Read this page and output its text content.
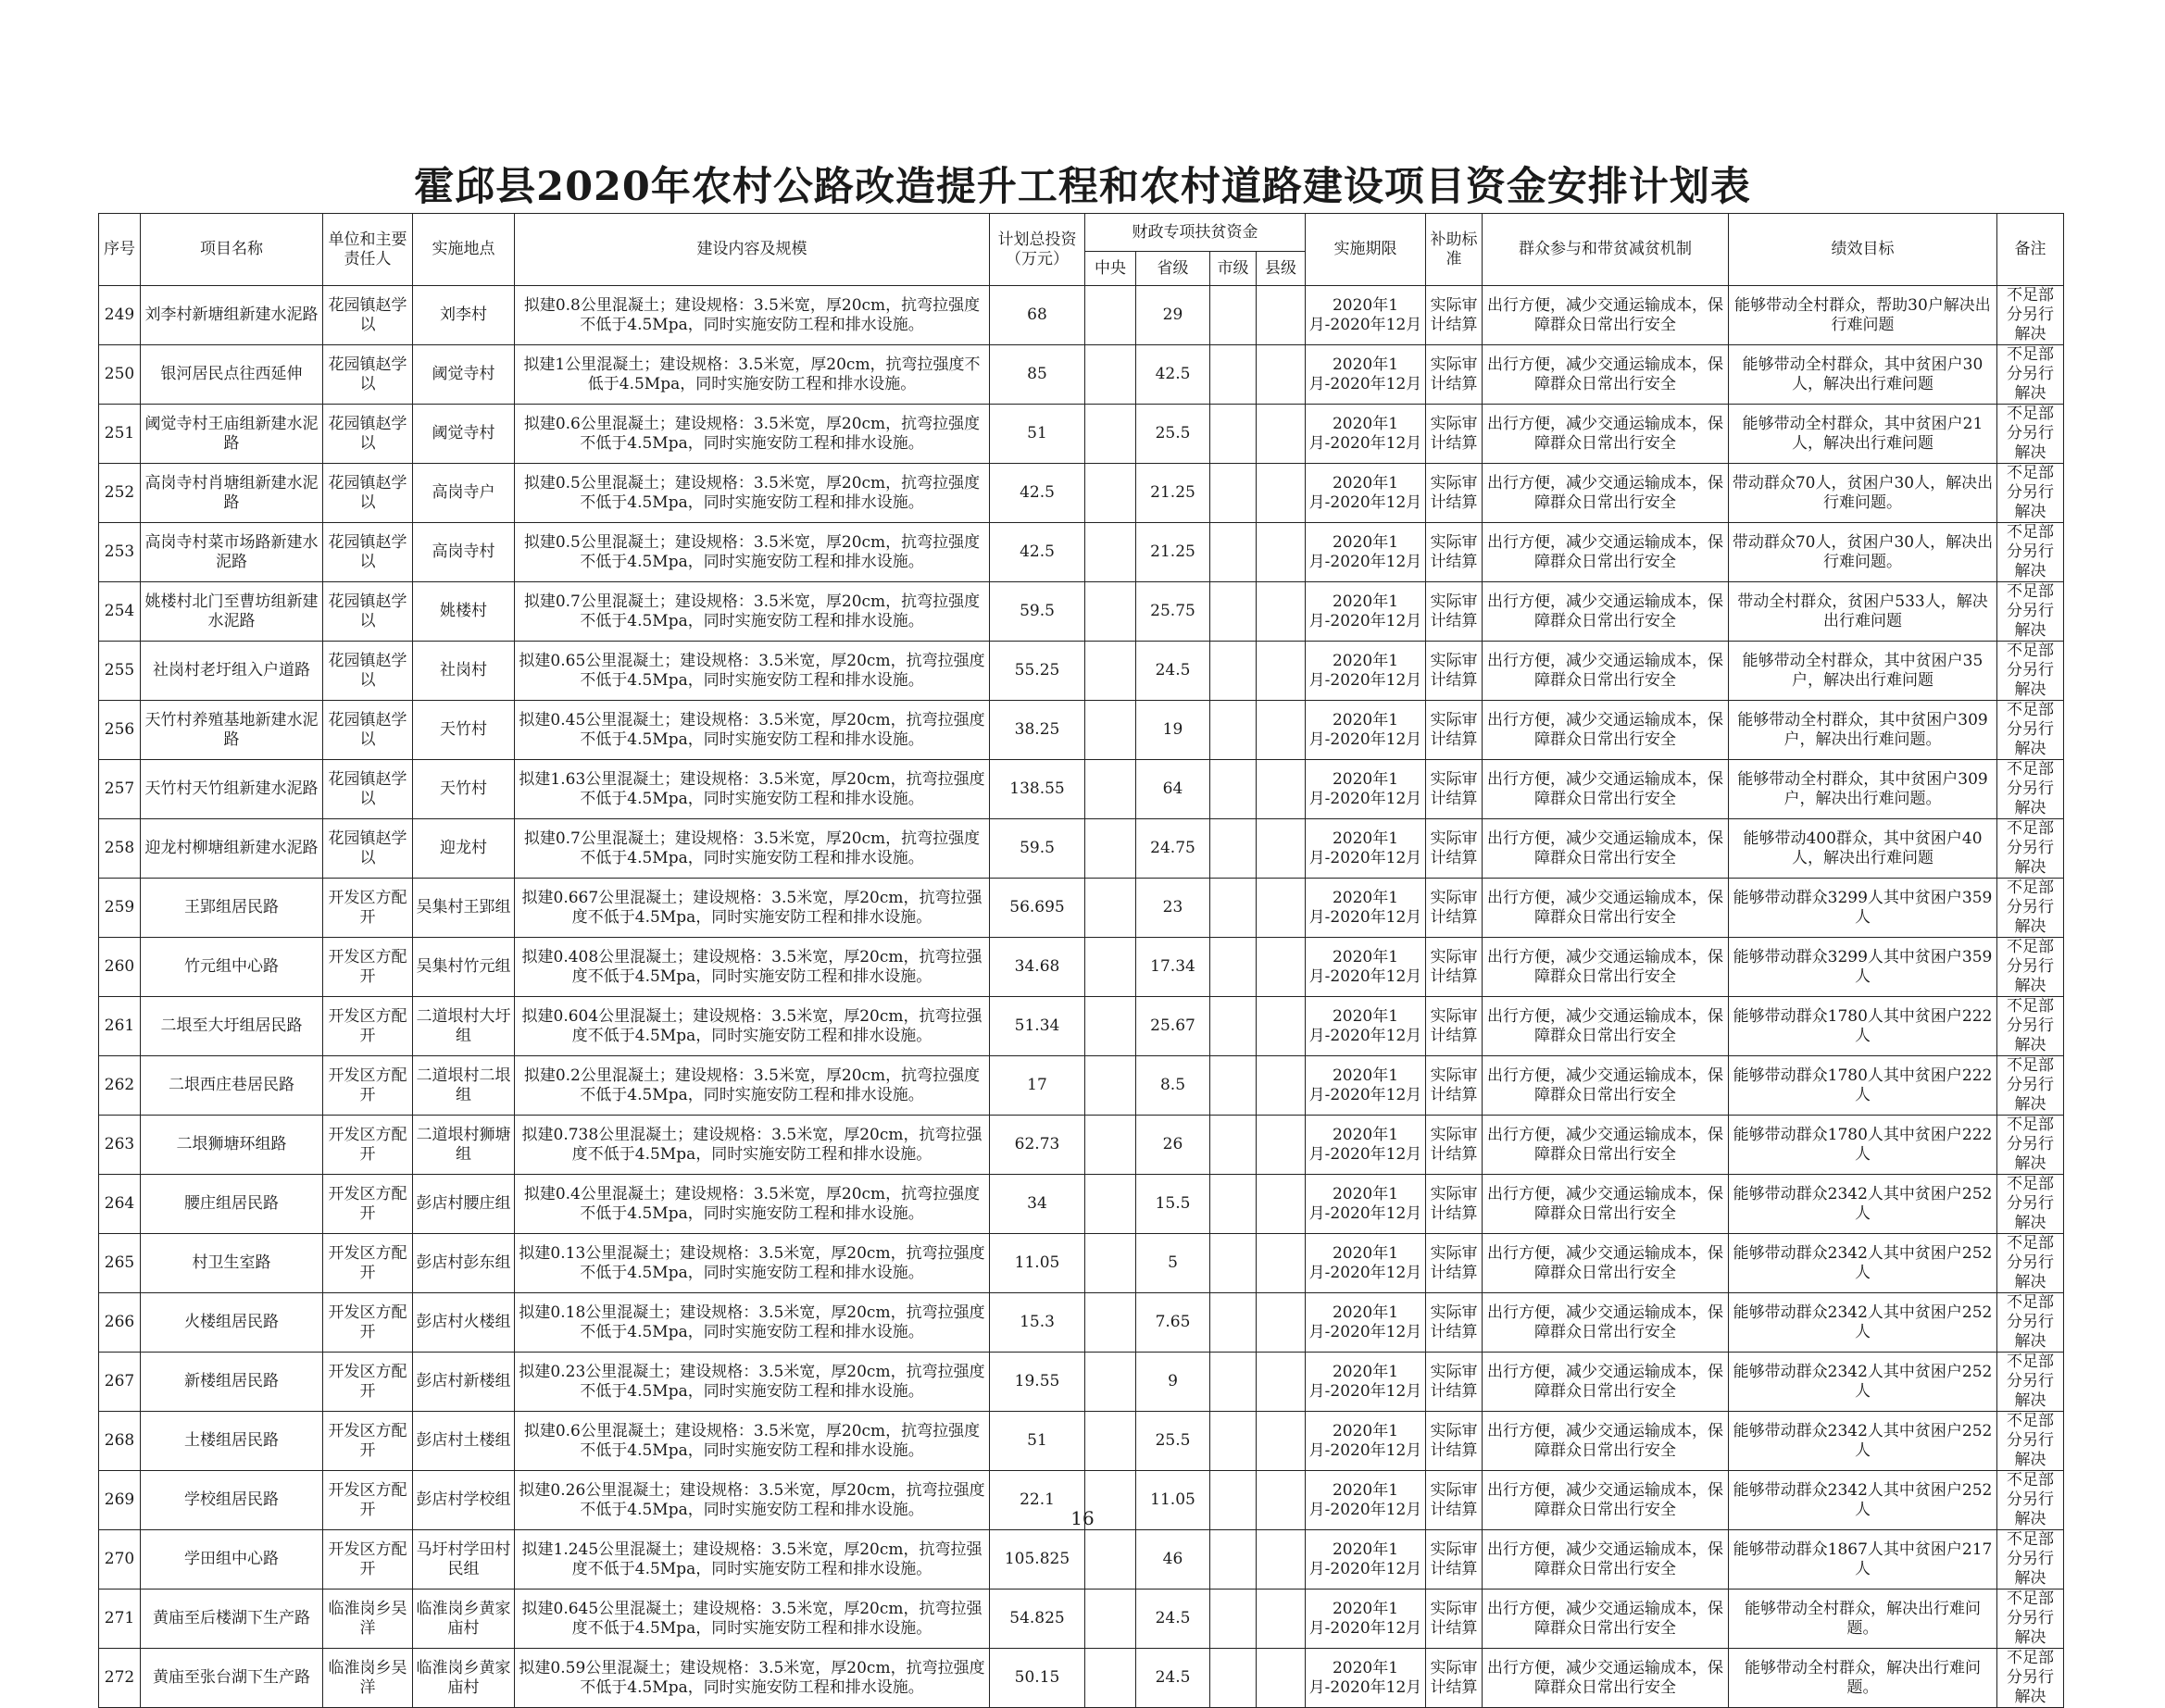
霍邱县2020年农村公路改造提升工程和农村道路建设项目资金安排计划表
序号	项目名称	单位和主要责任人	实施地点	建设内容及规模	计划总投资（万元）	财政专项扶贫资金				实施期限	补助标准	群众参与和带贫减贫机制	绩效目标	备注
						中央	省级	市级	县级					
249	刘李村新塘组新建水泥路	花园镇赵学以	刘李村	拟建0.8公里混凝土；建设规格：3.5米宽，厚20cm，抗弯拉强度不低于4.5Mpa，同时实施安防工程和排水设施。	68		29			2020年1月-2020年12月	实际审计结算	出行方便，减少交通运输成本，保障群众日常出行安全	能够带动全村群众，帮助30户解决出行难问题	不足部分另行解决
250	银河居民点往西延伸	花园镇赵学以	阈觉寺村	拟建1公里混凝土；建设规格：3.5米宽，厚20cm，抗弯拉强度不低于4.5Mpa，同时实施安防工程和排水设施。	85		42.5			2020年1月-2020年12月	实际审计结算	出行方便，减少交通运输成本，保障群众日常出行安全	能够带动全村群众，其中贫困户30人，解决出行难问题	不足部分另行解决
251	阈觉寺村王庙组新建水泥路	花园镇赵学以	阈觉寺村	拟建0.6公里混凝土；建设规格：3.5米宽，厚20cm，抗弯拉强度不低于4.5Mpa，同时实施安防工程和排水设施。	51		25.5			2020年1月-2020年12月	实际审计结算	出行方便，减少交通运输成本，保障群众日常出行安全	能够带动全村群众，其中贫困户21人，解决出行难问题	不足部分另行解决
252	高岗寺村肖塘组新建水泥路	花园镇赵学以	高岗寺户	拟建0.5公里混凝土；建设规格：3.5米宽，厚20cm，抗弯拉强度不低于4.5Mpa，同时实施安防工程和排水设施。	42.5		21.25			2020年1月-2020年12月	实际审计结算	出行方便，减少交通运输成本，保障群众日常出行安全	带动群众70人，贫困户30人，解决出行难问题。	不足部分另行解决
253	高岗寺村菜市场路新建水泥路	花园镇赵学以	高岗寺村	拟建0.5公里混凝土；建设规格：3.5米宽，厚20cm，抗弯拉强度不低于4.5Mpa，同时实施安防工程和排水设施。	42.5		21.25			2020年1月-2020年12月	实际审计结算	出行方便，减少交通运输成本，保障群众日常出行安全	带动群众70人，贫困户30人，解决出行难问题。	不足部分另行解决
254	姚楼村北门至曹坊组新建水泥路	花园镇赵学以	姚楼村	拟建0.7公里混凝土；建设规格：3.5米宽，厚20cm，抗弯拉强度不低于4.5Mpa，同时实施安防工程和排水设施。	59.5		25.75			2020年1月-2020年12月	实际审计结算	出行方便，减少交通运输成本，保障群众日常出行安全	带动全村群众，贫困户533人，解决出行难问题	不足部分另行解决
255	社岗村老圩组入户道路	花园镇赵学以	社岗村	拟建0.65公里混凝土；建设规格：3.5米宽，厚20cm，抗弯拉强度不低于4.5Mpa，同时实施安防工程和排水设施。	55.25		24.5			2020年1月-2020年12月	实际审计结算	出行方便，减少交通运输成本，保障群众日常出行安全	能够带动全村群众，其中贫困户35户，解决出行难问题	不足部分另行解决
256	天竹村养殖基地新建水泥路	花园镇赵学以	天竹村	拟建0.45公里混凝土；建设规格：3.5米宽，厚20cm，抗弯拉强度不低于4.5Mpa，同时实施安防工程和排水设施。	38.25		19			2020年1月-2020年12月	实际审计结算	出行方便，减少交通运输成本，保障群众日常出行安全	能够带动全村群众，其中贫困户309户，解决出行难问题。	不足部分另行解决
257	天竹村天竹组新建水泥路	花园镇赵学以	天竹村	拟建1.63公里混凝土；建设规格：3.5米宽，厚20cm，抗弯拉强度不低于4.5Mpa，同时实施安防工程和排水设施。	138.55		64			2020年1月-2020年12月	实际审计结算	出行方便，减少交通运输成本，保障群众日常出行安全	能够带动全村群众，其中贫困户309户，解决出行难问题。	不足部分另行解决
258	迎龙村柳塘组新建水泥路	花园镇赵学以	迎龙村	拟建0.7公里混凝土；建设规格：3.5米宽，厚20cm，抗弯拉强度不低于4.5Mpa，同时实施安防工程和排水设施。	59.5		24.75			2020年1月-2020年12月	实际审计结算	出行方便，减少交通运输成本，保障群众日常出行安全	能够带动400群众，其中贫困户40人，解决出行难问题	不足部分另行解决
259	王郢组居民路	开发区方配开	吴集村王郢组	拟建0.667公里混凝土；建设规格：3.5米宽，厚20cm，抗弯拉强度不低于4.5Mpa，同时实施安防工程和排水设施。	56.695		23			2020年1月-2020年12月	实际审计结算	出行方便，减少交通运输成本，保障群众日常出行安全	能够带动群众3299人其中贫困户359人	不足部分另行解决
260	竹元组中心路	开发区方配开	吴集村竹元组	拟建0.408公里混凝土；建设规格：3.5米宽，厚20cm，抗弯拉强度不低于4.5Mpa，同时实施安防工程和排水设施。	34.68		17.34			2020年1月-2020年12月	实际审计结算	出行方便，减少交通运输成本，保障群众日常出行安全	能够带动群众3299人其中贫困户359人	不足部分另行解决
261	二垠至大圩组居民路	开发区方配开	二道垠村大圩组	拟建0.604公里混凝土；建设规格：3.5米宽，厚20cm，抗弯拉强度不低于4.5Mpa，同时实施安防工程和排水设施。	51.34		25.67			2020年1月-2020年12月	实际审计结算	出行方便，减少交通运输成本，保障群众日常出行安全	能够带动群众1780人其中贫困户222人	不足部分另行解决
262	二垠西庄巷居民路	开发区方配开	二道垠村二垠组	拟建0.2公里混凝土；建设规格：3.5米宽，厚20cm，抗弯拉强度不低于4.5Mpa，同时实施安防工程和排水设施。	17		8.5			2020年1月-2020年12月	实际审计结算	出行方便，减少交通运输成本，保障群众日常出行安全	能够带动群众1780人其中贫困户222人	不足部分另行解决
263	二垠狮塘环组路	开发区方配开	二道垠村狮塘组	拟建0.738公里混凝土；建设规格：3.5米宽，厚20cm，抗弯拉强度不低于4.5Mpa，同时实施安防工程和排水设施。	62.73		26			2020年1月-2020年12月	实际审计结算	出行方便，减少交通运输成本，保障群众日常出行安全	能够带动群众1780人其中贫困户222人	不足部分另行解决
264	腰庄组居民路	开发区方配开	彭店村腰庄组	拟建0.4公里混凝土；建设规格：3.5米宽，厚20cm，抗弯拉强度不低于4.5Mpa，同时实施安防工程和排水设施。	34		15.5			2020年1月-2020年12月	实际审计结算	出行方便，减少交通运输成本，保障群众日常出行安全	能够带动群众2342人其中贫困户252人	不足部分另行解决
265	村卫生室路	开发区方配开	彭店村彭东组	拟建0.13公里混凝土；建设规格：3.5米宽，厚20cm，抗弯拉强度不低于4.5Mpa，同时实施安防工程和排水设施。	11.05		5			2020年1月-2020年12月	实际审计结算	出行方便，减少交通运输成本，保障群众日常出行安全	能够带动群众2342人其中贫困户252人	不足部分另行解决
266	火楼组居民路	开发区方配开	彭店村火楼组	拟建0.18公里混凝土；建设规格：3.5米宽，厚20cm，抗弯拉强度不低于4.5Mpa，同时实施安防工程和排水设施。	15.3		7.65			2020年1月-2020年12月	实际审计结算	出行方便，减少交通运输成本，保障群众日常出行安全	能够带动群众2342人其中贫困户252人	不足部分另行解决
267	新楼组居民路	开发区方配开	彭店村新楼组	拟建0.23公里混凝土；建设规格：3.5米宽，厚20cm，抗弯拉强度不低于4.5Mpa，同时实施安防工程和排水设施。	19.55		9			2020年1月-2020年12月	实际审计结算	出行方便，减少交通运输成本，保障群众日常出行安全	能够带动群众2342人其中贫困户252人	不足部分另行解决
268	土楼组居民路	开发区方配开	彭店村土楼组	拟建0.6公里混凝土；建设规格：3.5米宽，厚20cm，抗弯拉强度不低于4.5Mpa，同时实施安防工程和排水设施。	51		25.5			2020年1月-2020年12月	实际审计结算	出行方便，减少交通运输成本，保障群众日常出行安全	能够带动群众2342人其中贫困户252人	不足部分另行解决
269	学校组居民路	开发区方配开	彭店村学校组	拟建0.26公里混凝土；建设规格：3.5米宽，厚20cm，抗弯拉强度不低于4.5Mpa，同时实施安防工程和排水设施。	22.1		11.05			2020年1月-2020年12月	实际审计结算	出行方便，减少交通运输成本，保障群众日常出行安全	能够带动群众2342人其中贫困户252人	不足部分另行解决
270	学田组中心路	开发区方配开	马圩村学田村民组	拟建1.245公里混凝土；建设规格：3.5米宽，厚20cm，抗弯拉强度不低于4.5Mpa，同时实施安防工程和排水设施。	105.825		46			2020年1月-2020年12月	实际审计结算	出行方便，减少交通运输成本，保障群众日常出行安全	能够带动群众1867人其中贫困户217人	不足部分另行解决
271	黄庙至后楼湖下生产路	临淮岗乡吴 洋	临淮岗乡黄家庙村	拟建0.645公里混凝土；建设规格：3.5米宽，厚20cm，抗弯拉强度不低于4.5Mpa，同时实施安防工程和排水设施。	54.825		24.5			2020年1月-2020年12月	实际审计结算	出行方便，减少交通运输成本，保障群众日常出行安全	能够带动全村群众，解决出行难问题。	不足部分另行解决
272	黄庙至张台湖下生产路	临淮岗乡吴 洋	临淮岗乡黄家庙村	拟建0.59公里混凝土；建设规格：3.5米宽，厚20cm，抗弯拉强度不低于4.5Mpa，同时实施安防工程和排水设施。	50.15		24.5			2020年1月-2020年12月	实际审计结算	出行方便，减少交通运输成本，保障群众日常出行安全	能够带动全村群众，解决出行难问题。	不足部分另行解决
16
